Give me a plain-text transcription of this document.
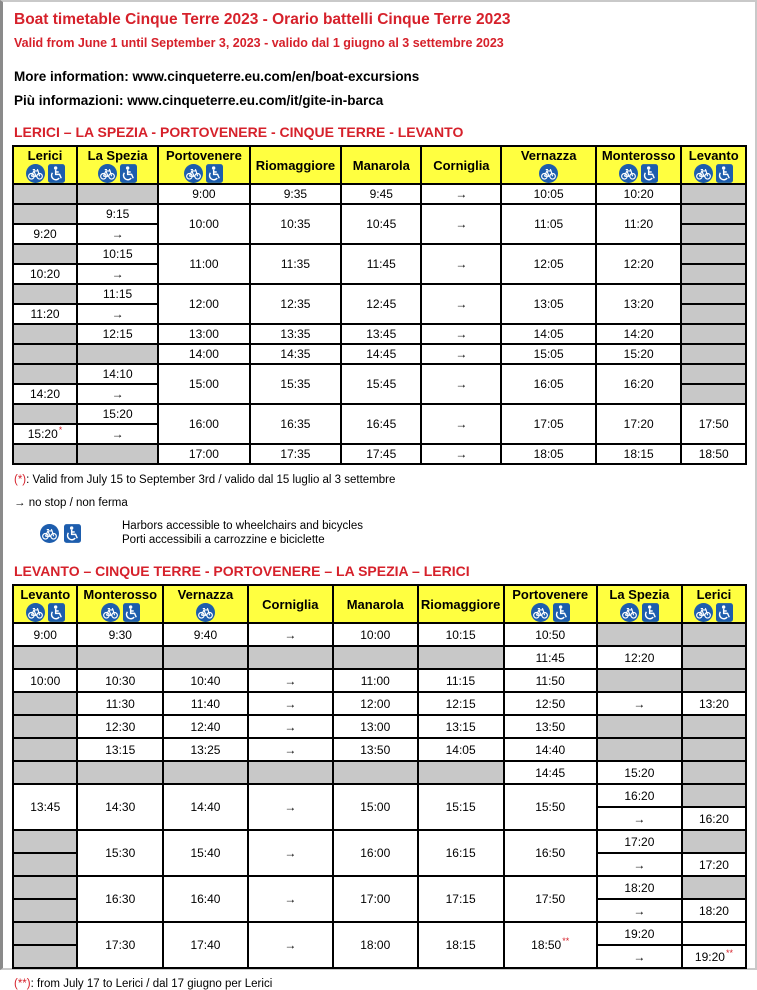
Boat timetable Cinque Terre 2023 - Orario battelli Cinque Terre 2023
Valid from June 1 until September 3, 2023 - valido dal 1 giugno al 3 settembre 2023
More information: www.cinqueterre.eu.com/en/boat-excursions
Più informazioni: www.cinqueterre.eu.com/it/gite-in-barca
LERICI – LA SPEZIA - PORTOVENERE - CINQUE TERRE - LEVANTO
Lerici	La Spezia	Portovenere	Riomaggiore	Manarola	Corniglia	Vernazza	Monterosso	Levanto

		9:00	9:35	9:45	→	10:05	10:20	
	9:15	10:00	10:35	10:45	→	11:05	11:20	
9:20	→							
	10:15	11:00	11:35	11:45	→	12:05	12:20	
10:20	→							
	11:15	12:00	12:35	12:45	→	13:05	13:20	
11:20	→							
	12:15	13:00	13:35	13:45	→	14:05	14:20	
		14:00	14:35	14:45	→	15:05	15:20	
	14:10	15:00	15:35	15:45	→	16:05	16:20	
14:20	→							
	15:20	16:00	16:35	16:45	→	17:05	17:20	17:50
15:20*	→							
		17:00	17:35	17:45	→	18:05	18:15	18:50
(*): Valid from July 15 to September 3rd / valido dal 15 luglio al 3 settembre
→ no stop / non ferma
Harbors accessible to wheelchairs and bicycles
Porti accessibili a carrozzine e biciclette
LEVANTO – CINQUE TERRE - PORTOVENERE – LA SPEZIA – LERICI
Levanto	Monterosso	Vernazza	Corniglia	Manarola	Riomaggiore	Portovenere	La Spezia	Lerici

9:00	9:30	9:40	→	10:00	10:15	10:50		
						11:45	12:20	
10:00	10:30	10:40	→	11:00	11:15	11:50		
	11:30	11:40	→	12:00	12:15	12:50	→	13:20
	12:30	12:40	→	13:00	13:15	13:50		
	13:15	13:25	→	13:50	14:05	14:40		
						14:45	15:20	
13:45	14:30	14:40	→	15:00	15:15	15:50	16:20	
							→	16:20
	15:30	15:40	→	16:00	16:15	16:50	17:20	
							→	17:20
	16:30	16:40	→	17:00	17:15	17:50	18:20	
							→	18:20
	17:30	17:40	→	18:00	18:15	18:50**	19:20	
							→	19:20**
(**): from July 17 to Lerici / dal 17 giugno per Lerici
